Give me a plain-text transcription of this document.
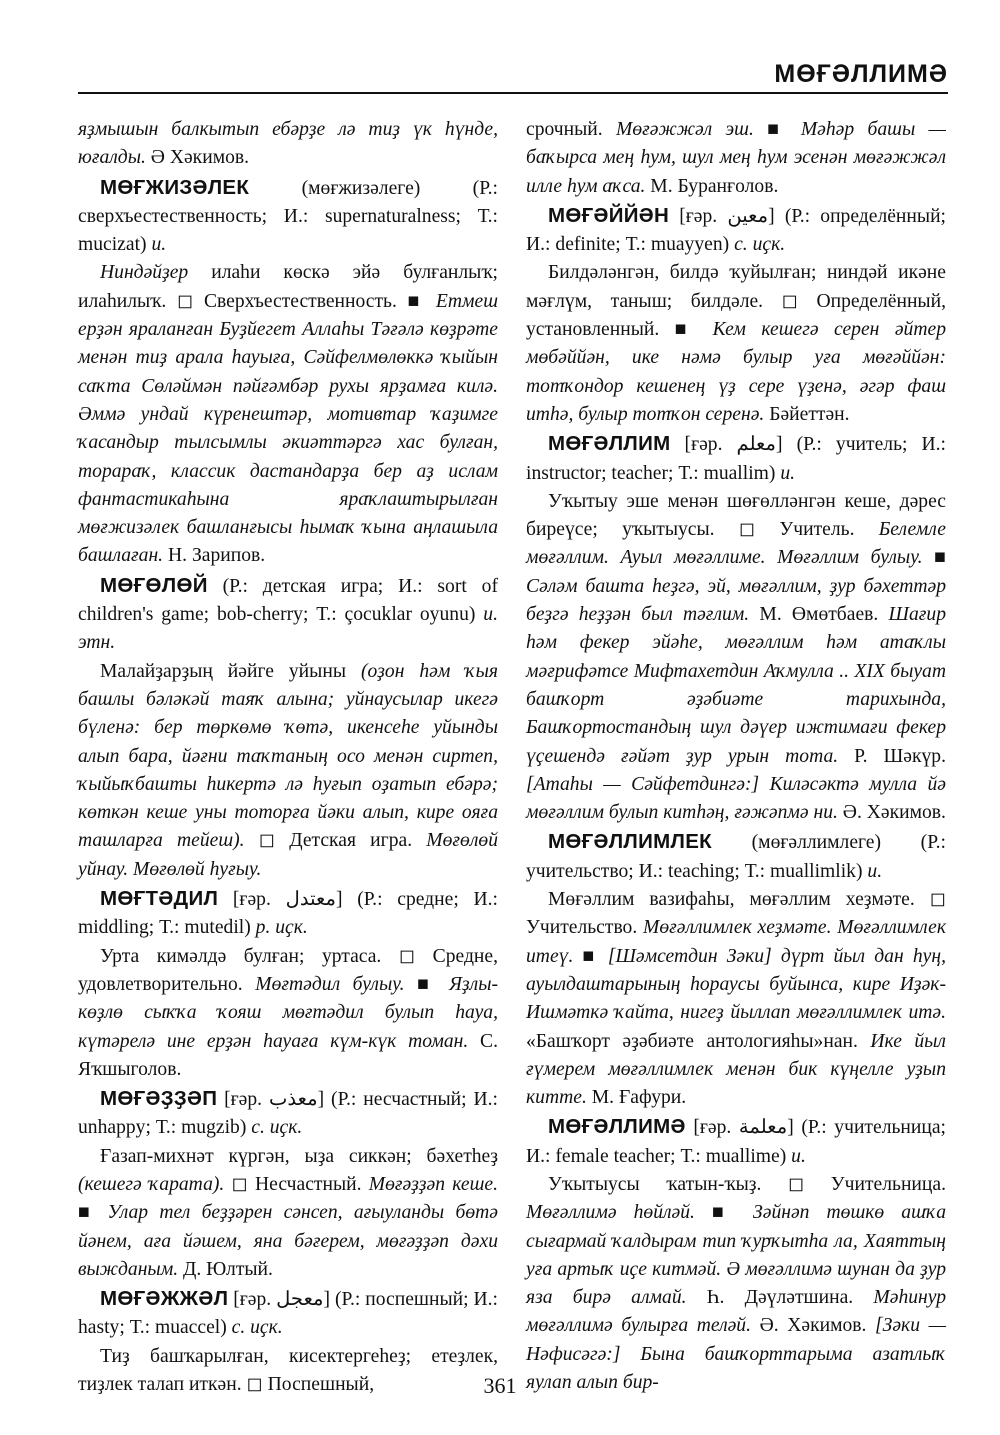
МӨҒӘЛЛИМӘ

яҙмышын балкытып ебәрҙе лә тиҙ үк һүнде, юғалды. Ә Хәкимов.

МӨҒЖИЗӘЛЕК (мөғжизәлеге) (Р.: сверхъестественность; И.: supernaturalness; Т.: mucizat) и.

Ниндәйҙер илаһи көскә эйә булғанлыҡ; илаһилыҡ. ◻ Сверхъестественность. ■ Етмеш ерҙән яраланған Буҙйегет Аллаһы Тәғәлә көҙрәте менән тиҙ арала һауыға, Сәйфелмөлөккә ҡыйын саҡта Сөләймән пәйғәмбәр рухы ярҙамға килә. Әммә ундай күренештәр, мотивтар ҡаҙимге ҡасандыр тылсымлы әкиәттәргә хас булған, торараҡ, классик дастандарҙа бер аҙ ислам фантастикаһына яраҡлаштырылған мөғжизәлек башланғысы һымаҡ ҡына аңлашыла башлаған. Н. Зарипов.

МӨҒӨЛӨЙ (Р.: детская игра; И.: sort of children's game; bob-cherry; Т.: çocuklar oyunu) и. этн.

Малайҙарҙың йәйге уйыны (оҙон һәм ҡыя башлы бәләкәй таяҡ алына; уйнаусылар икегә бүленә: бер төркөмө ҡөтә, икенсеһе уйынды алып бара, йәғни таҡтаның осо менән сиртеп, ҡыйыҡбашты һикертә лә һуғып оҙатып ебәрә; көткән кеше уны тоторға йәки алып, кире ояға ташларға тейеш). ◻ Детская игра. Мөғөлөй уйнау. Мөғөлөй һуғыу.

МӨҒТӘДИЛ [ғәр. معتدل] (Р.: средне; И.: middling; Т.: mutedil) р. иҫк.

Урта кимәлдә булған; уртаса. ◻ Средне, удовлетворительно. Мөғтәдил булыу. ■ Яҙлы-көҙлө сыҡҡа ҡояш мөғтәдил булып һауа, күтәрелә ине ерҙән һауаға күм-күк томан. С. Яҡшыголов.

МӨҒӘҘҘӘП [ғәр. معذب] (Р.: несчастный; И.: unhappy; Т.: mugzib) с. иҫк.

Ғазап-михнәт күргән, ыҙа сиккән; бәхетһеҙ (кешегә ҡарата). ◻ Несчастный. Мөғәҙҙәп кеше. ■ Улар тел беҙҙәрен сәнсеп, ағыуланды бөтә йәнем, аға йәшем, яна бәғерем, мөғәҙҙәп дәхи выжданым. Д. Юлтый.

МӨҒӘЖЖӘЛ [ғәр. معجل] (Р.: поспешный; И.: hasty; Т.: muaccel) с. иҫк.

Тиҙ башҡарылған, кисектергеһеҙ; етеҙлек, тиҙлек талап иткән. ◻ Поспешный,

срочный. Мөғәжжәл эш. ■ Мәһәр башы — баҡырса мең һум, шул мең һум эсенән мөғәжжәл илле һум аҡса. М. Буранғолов.

МӨҒӘЙЙӘН [ғәр. معين] (Р.: определённый; И.: definite; Т.: muayyen) с. иҫк.

Билдәләнгән, билдә ҡуйылған; ниндәй икәне мәғлүм, таныш; билдәле. ◻ Определённый, установленный. ■ Кем кешегә серен әйтер мөбәййән, ике нәмә булыр уға мөғәййән: тотҡондор кешенең үҙ сере үҙенә, әгәр фаш итһә, булыр тотҡон серенә. Бәйеттән.

МӨҒӘЛЛИМ [ғәр. معلم] (Р.: учитель; И.: instructor; teacher; Т.: muallim) и.

Уҡытыу эше менән шөғөлләнгән кеше, дәрес биреүсе; уҡытыусы. ◻ Учитель. Белемле мөғәллим. Ауыл мөғәллиме. Мөғәллим булыу. ■ Сәләм башта һеҙгә, эй, мөғәллим, ҙур бәхеттәр беҙгә һеҙҙән был тәғлим. М. Өмөтбаев. Шағир һәм фекер эйәһе, мөғәллим һәм атаҡлы мәғрифәтсе Мифтахетдин Аҡмулла .. XIX быуат башҡорт әҙәбиәте тарихында, Башҡортостандың шул дәүер ижтимағи фекер үҫешендә ғәйәт ҙур урын тота. Р. Шәкүр. [Атаһы — Сәйфетдингә:] Киләсәктә мулла йә мөғәллим булып китһәң, ғәжәпмә ни. Ә. Хәкимов.

МӨҒӘЛЛИМЛЕК (мөғәллимлеге) (Р.: учительство; И.: teaching; Т.: muallimlik) и.

Мөғәллим вазифаһы, мөғәллим хеҙмәте. ◻ Учительство. Мөғәллимлек хеҙмәте. Мөғәллимлек итеү. ■ [Шәмсетдин Зәки] дүрт йыл дан һуң, ауылдаштарының һораусы буйынса, кире Иҙәк-Ишмәткә ҡайта, нигеҙ йыллап мөғәллимлек итә. «Башҡорт әҙәбиәте антологияһы»нан. Ике йыл ғүмерем мөғәллимлек менән бик күңелле уҙып китте. М. Ғафури.

МӨҒӘЛЛИМӘ [ғәр. معلمة] (Р.: учительница; И.: female teacher; Т.: muallime) и.

Уҡытыусы ҡатын-ҡыҙ. ◻ Учительница. Мөғәллимә һөйләй. ■ Зәйнәп төшкө ашҡа сығармай ҡалдырам тип ҡурҡытһа ла, Хаяттың уға артыҡ иҫе китмәй. Ә мөғәллимә шунан да ҙур яза бирә алмай. Һ. Дәүләтшина. Мәһинур мөғәллимә булырға теләй. Ә. Хәкимов. [Зәки — Нәфисәгә:] Бына башҡорттарыма азатлыҡ яулап алып бир-

361
